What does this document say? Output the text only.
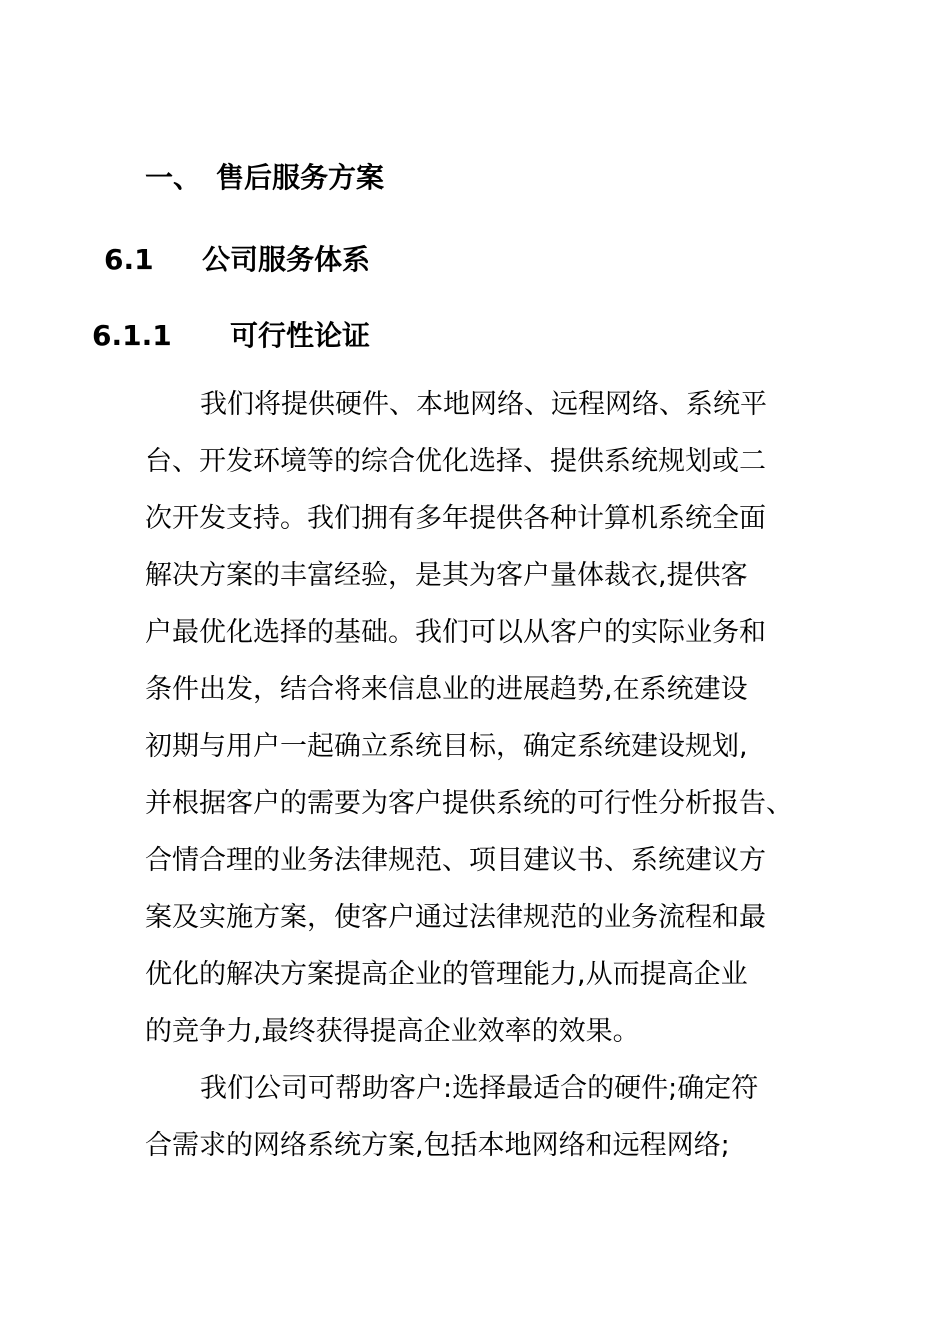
一、 售后服务方案
6.1 公司服务体系
6.1.1 可行性论证
我们将提供硬件、本地网络、远程网络、系统平
台、开发环境等的综合优化选择、提供系统规划或二
次开发支持。我们拥有多年提供各种计算机系统全面
解决方案的丰富经验，是其为客户量体裁衣,提供客
户最优化选择的基础。我们可以从客户的实际业务和
条件出发，结合将来信息业的进展趋势,在系统建设
初期与用户一起确立系统目标，确定系统建设规划,
并根据客户的需要为客户提供系统的可行性分析报告、
合情合理的业务法律规范、项目建议书、系统建议方
案及实施方案，使客户通过法律规范的业务流程和最
优化的解决方案提高企业的管理能力,从而提高企业
的竞争力,最终获得提高企业效率的效果。
我们公司可帮助客户:选择最适合的硬件;确定符
合需求的网络系统方案,包括本地网络和远程网络;
